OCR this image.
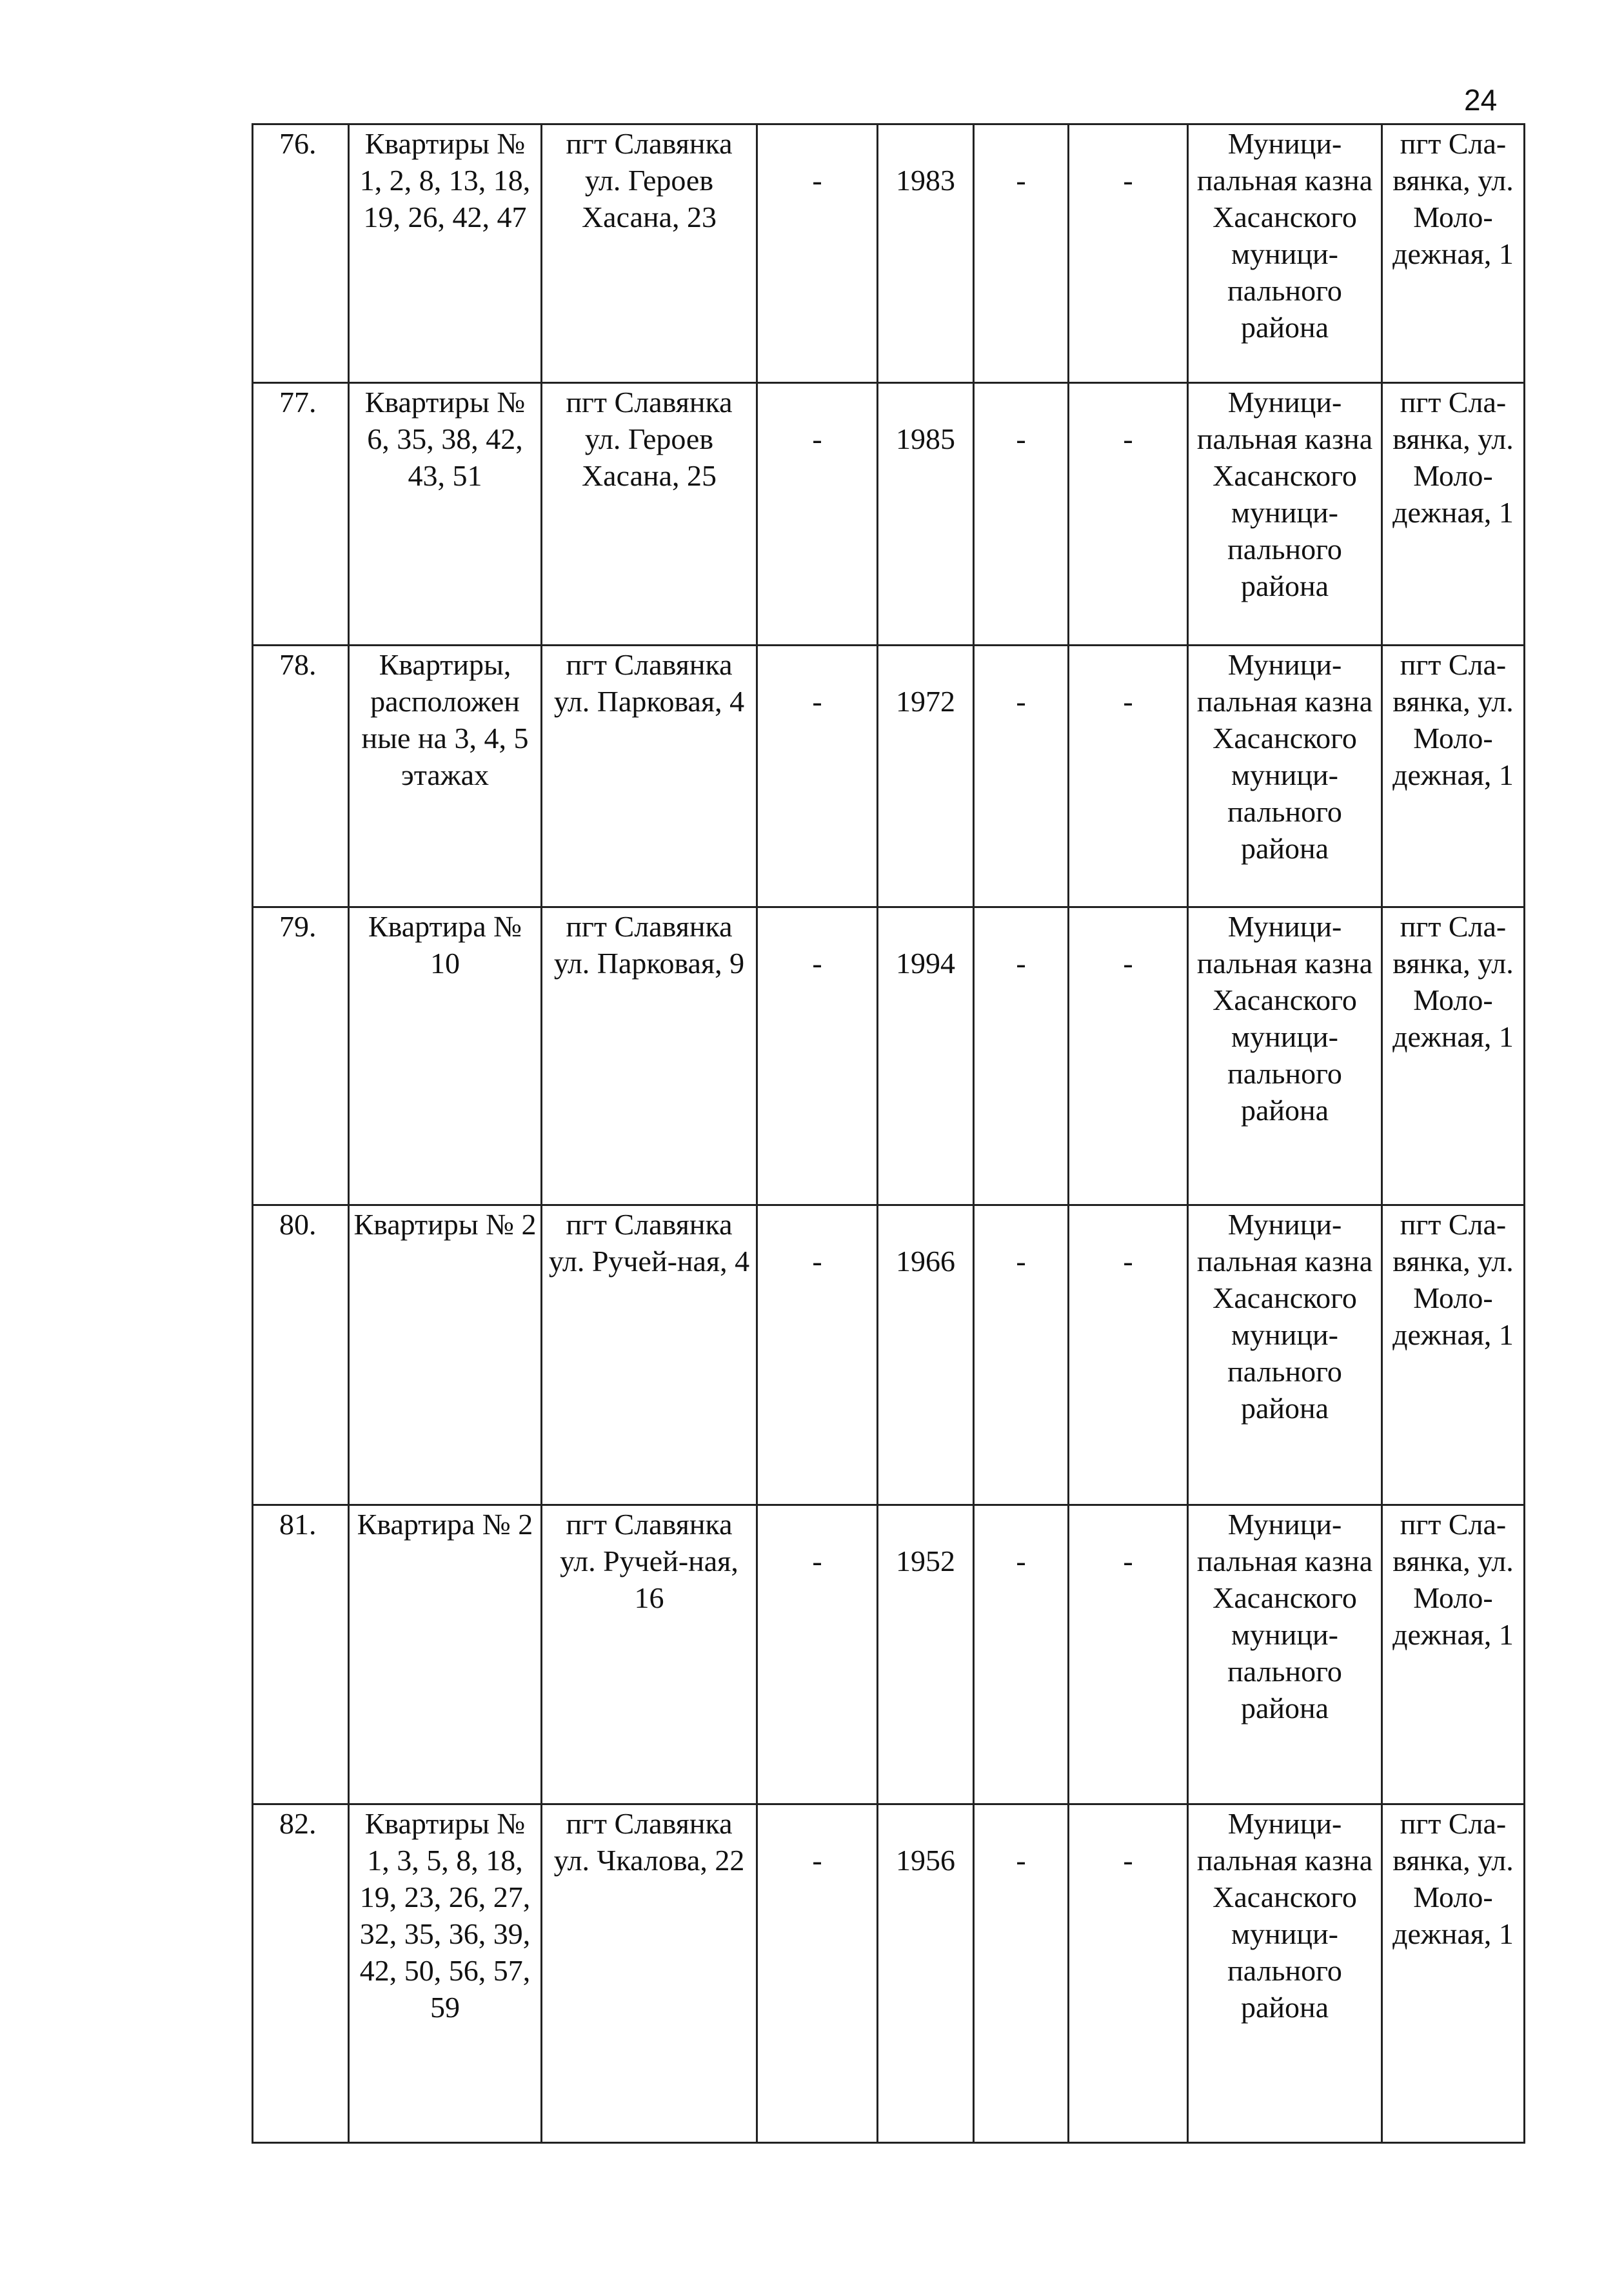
24
76.	Квартиры № 1, 2, 8, 13, 18, 19, 26, 42, 47	пгт Славянка ул. Героев Хасана, 23	-	1983	-	-	Муници-пальная казна Хасанского муници-пального района	пгт Сла-вянка, ул. Моло-дежная, 1
77.	Квартиры № 6, 35, 38, 42, 43, 51	пгт Славянка ул. Героев Хасана, 25	-	1985	-	-	Муници-пальная казна Хасанского муници-пального района	пгт Сла-вянка, ул. Моло-дежная, 1
78.	Квартиры, расположен ные на 3, 4, 5 этажах	пгт Славянка ул. Парковая, 4	-	1972	-	-	Муници-пальная казна Хасанского муници-пального района	пгт Сла-вянка, ул. Моло-дежная, 1
79.	Квартира № 10	пгт Славянка ул. Парковая, 9	-	1994	-	-	Муници-пальная казна Хасанского муници-пального района	пгт Сла-вянка, ул. Моло-дежная, 1
80.	Квартиры № 2	пгт Славянка ул. Ручей-ная, 4	-	1966	-	-	Муници-пальная казна Хасанского муници-пального района	пгт Сла-вянка, ул. Моло-дежная, 1
81.	Квартира № 2	пгт Славянка ул. Ручей-ная, 16	-	1952	-	-	Муници-пальная казна Хасанского муници-пального района	пгт Сла-вянка, ул. Моло-дежная, 1
82.	Квартиры № 1, 3, 5, 8, 18, 19, 23, 26, 27, 32, 35, 36, 39, 42, 50, 56, 57, 59	пгт Славянка ул. Чкалова, 22	-	1956	-	-	Муници-пальная казна Хасанского муници-пального района	пгт Сла-вянка, ул. Моло-дежная, 1
